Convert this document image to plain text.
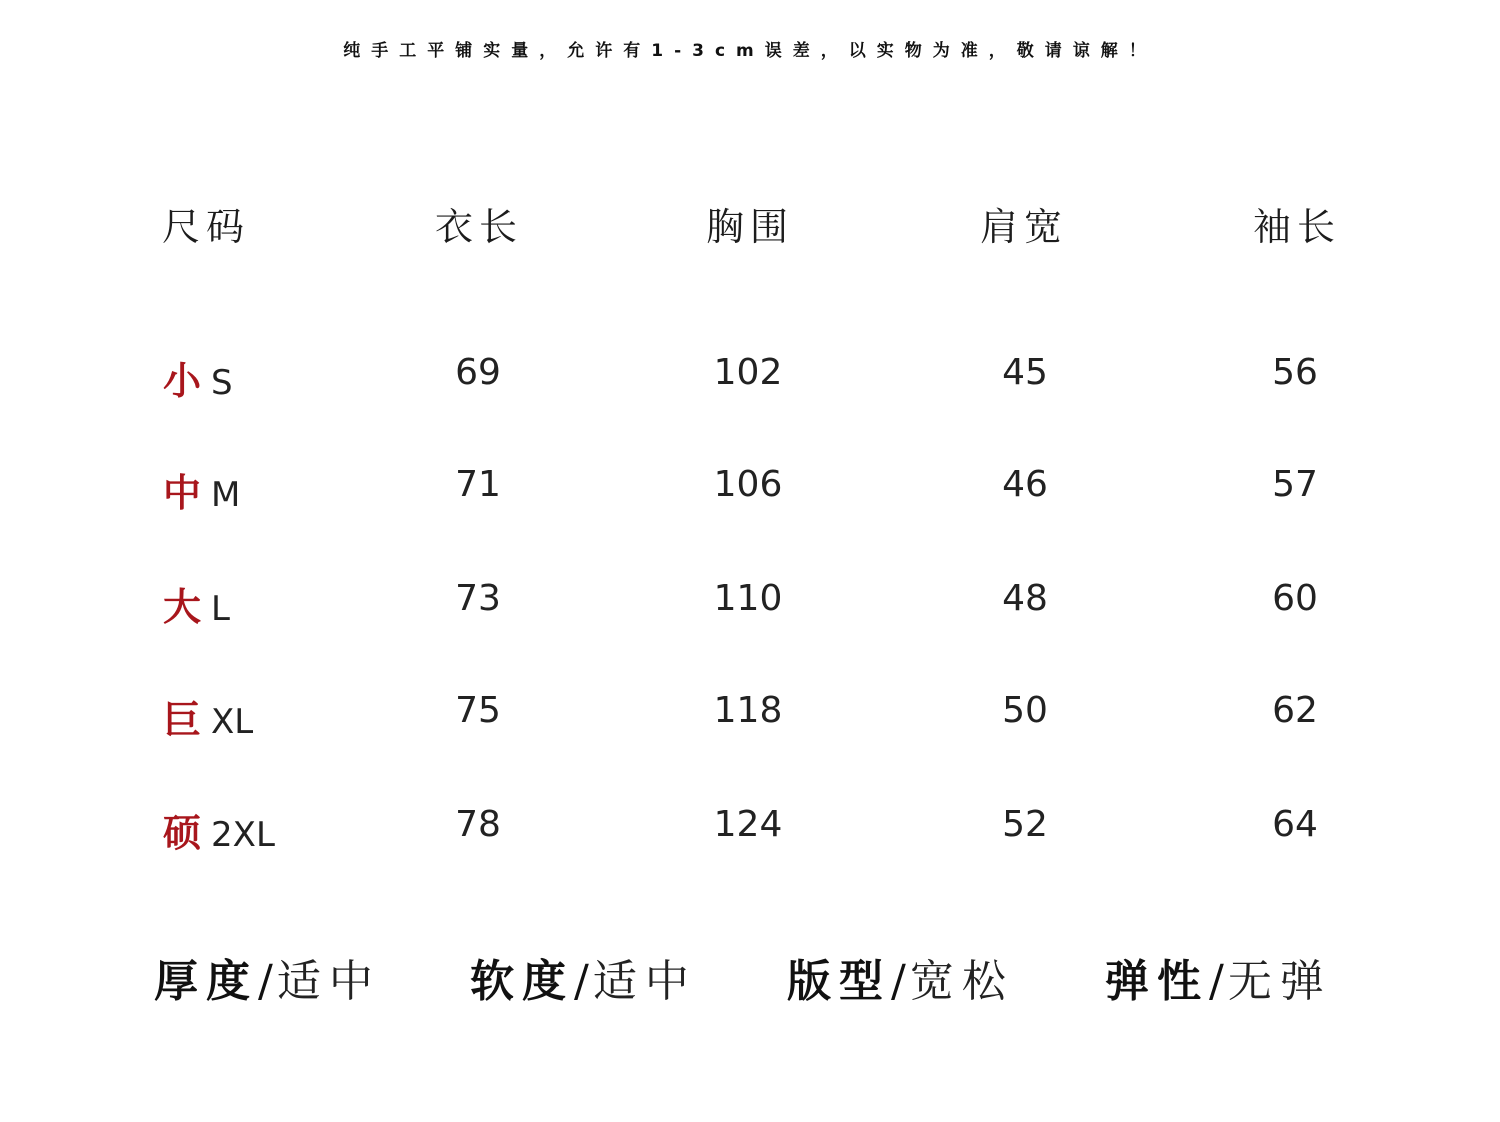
纯手工平铺实量，允许有1-3cm误差，以实物为准，敬请谅解！
尺码	衣长	胸围	肩宽	袖长
小 S	69	102	45	56
中 M	71	106	46	57
大 L	73	110	48	60
巨 XL	75	118	50	62
硕 2XL	78	124	52	64
厚度/适中 软度/适中 版型/宽松 弹性/无弹
